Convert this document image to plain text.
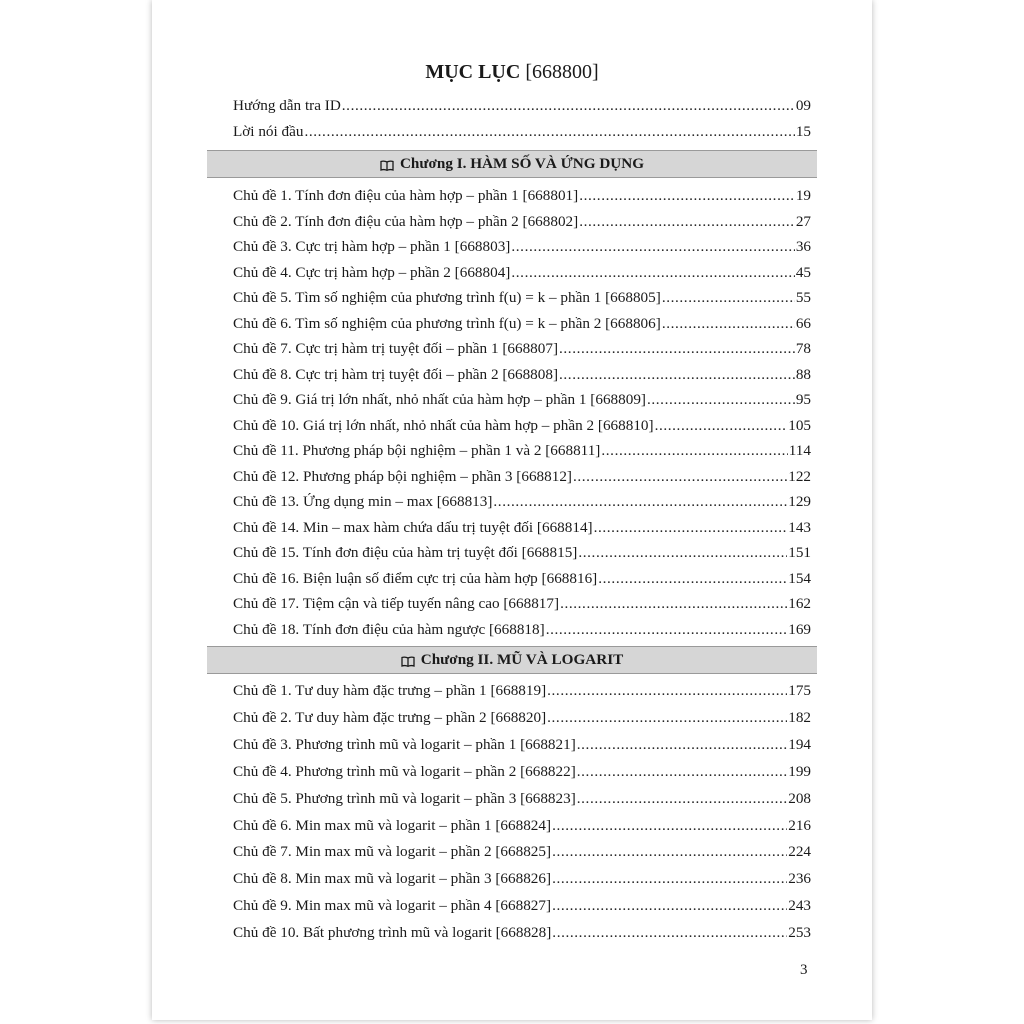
MỤC LỤC [668800]
Hướng dẫn tra ID .....	09
Lời nói đầu .....	15
Chương I. HÀM SỐ VÀ ỨNG DỤNG
Chủ đề 1. Tính đơn điệu của hàm hợp – phần 1 [668801] .....	19
Chủ đề 2. Tính đơn điệu của hàm hợp – phần 2 [668802] .....	27
Chủ đề 3. Cực trị hàm hợp – phần 1 [668803] .....	36
Chủ đề 4. Cực trị hàm hợp – phần 2 [668804] .....	45
Chủ đề 5. Tìm số nghiệm của phương trình f(u) = k – phần 1 [668805] .....	55
Chủ đề 6. Tìm số nghiệm của phương trình f(u) = k – phần 2 [668806] .....	66
Chủ đề 7. Cực trị hàm trị tuyệt đối – phần 1 [668807] .....	78
Chủ đề 8. Cực trị hàm trị tuyệt đối – phần 2 [668808] .....	88
Chủ đề 9. Giá trị lớn nhất, nhỏ nhất của hàm hợp – phần 1 [668809] .....	95
Chủ đề 10. Giá trị lớn nhất, nhỏ nhất của hàm hợp – phần 2 [668810] .....	105
Chủ đề 11. Phương pháp bội nghiệm – phần 1 và 2 [668811] .....	114
Chủ đề 12. Phương pháp bội nghiệm – phần 3 [668812] .....	122
Chủ đề 13. Ứng dụng min – max [668813] .....	129
Chủ đề 14. Min – max hàm chứa dấu trị tuyệt đối [668814] .....	143
Chủ đề 15. Tính đơn điệu của hàm trị tuyệt đối [668815] .....	151
Chủ đề 16. Biện luận số điểm cực trị của hàm hợp [668816] .....	154
Chủ đề 17. Tiệm cận và tiếp tuyến nâng cao [668817] .....	162
Chủ đề 18. Tính đơn điệu của hàm ngược [668818] .....	169
Chương II. MŨ VÀ LOGARIT
Chủ đề 1. Tư duy hàm đặc trưng – phần 1 [668819] .....	175
Chủ đề 2. Tư duy hàm đặc trưng – phần 2 [668820] .....	182
Chủ đề 3. Phương trình mũ và logarit – phần 1 [668821] .....	194
Chủ đề 4. Phương trình mũ và logarit – phần 2 [668822] .....	199
Chủ đề 5. Phương trình mũ và logarit – phần 3 [668823] .....	208
Chủ đề 6. Min max mũ và logarit – phần 1 [668824] .....	216
Chủ đề 7. Min max mũ và logarit – phần 2 [668825] .....	224
Chủ đề 8. Min max mũ và logarit – phần 3 [668826] .....	236
Chủ đề 9. Min max mũ và logarit – phần 4 [668827] .....	243
Chủ đề 10. Bất phương trình mũ và logarit [668828] .....	253
3
